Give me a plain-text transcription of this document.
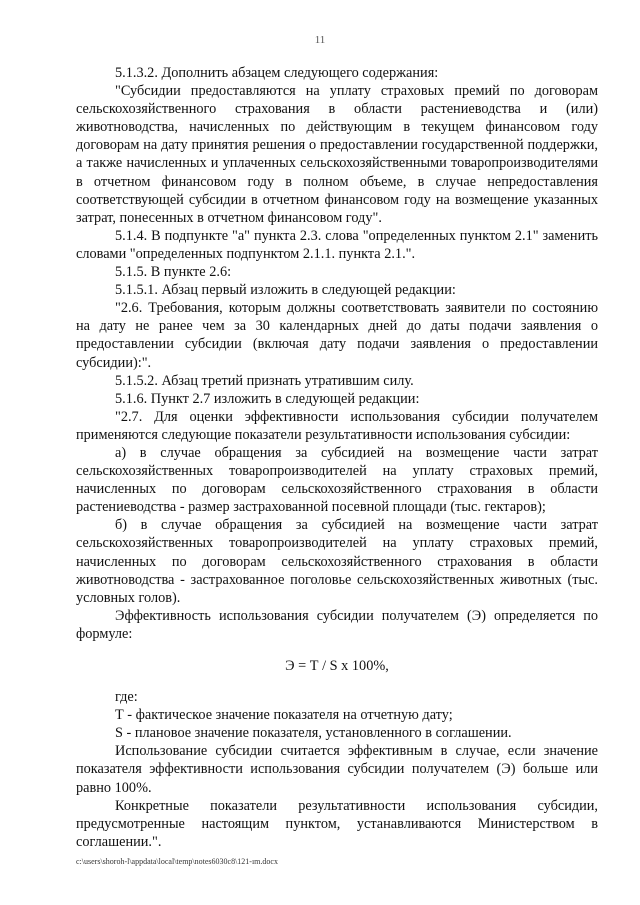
11

5.1.3.2. Дополнить абзацем следующего содержания:

"Субсидии предоставляются на уплату страховых премий по договорам сельскохозяйственного страхования в области растениеводства и (или) животноводства, начисленных по действующим в текущем финансовом году договорам на дату принятия решения о предоставлении государственной поддержки, а также начисленных и уплаченных сельскохозяйственными товаропроизводителями в отчетном финансовом году в полном объеме, в случае непредоставления соответствующей субсидии в отчетном финансовом году на возмещение указанных затрат, понесенных в отчетном финансовом году".

5.1.4. В подпункте "а" пункта 2.3. слова "определенных пунктом 2.1" заменить словами "определенных подпунктом 2.1.1. пункта 2.1.".

5.1.5. В пункте 2.6:

5.1.5.1. Абзац первый изложить в следующей редакции:

"2.6. Требования, которым должны соответствовать заявители по состоянию на дату не ранее чем за 30 календарных дней до даты подачи заявления о предоставлении субсидии (включая дату подачи заявления о предоставлении субсидии):".

5.1.5.2. Абзац третий признать утратившим силу.

5.1.6. Пункт 2.7 изложить в следующей редакции:

"2.7. Для оценки эффективности использования субсидии получателем применяются следующие показатели результативности использования субсидии:

а) в случае обращения за субсидией на возмещение части затрат сельскохозяйственных товаропроизводителей на уплату страховых премий, начисленных по договорам сельскохозяйственного страхования в области растениеводства - размер застрахованной посевной площади (тыс. гектаров);

б) в случае обращения за субсидией на возмещение части затрат сельскохозяйственных товаропроизводителей на уплату страховых премий, начисленных по договорам сельскохозяйственного страхования в области животноводства - застрахованное поголовье сельскохозяйственных животных (тыс. условных голов).

Эффективность использования субсидии получателем (Э) определяется по формуле:

Э = Т / S x 100%,

где:

Т - фактическое значение показателя на отчетную дату;

S - плановое значение показателя, установленного в соглашении.

Использование субсидии считается эффективным в случае, если значение показателя эффективности использования субсидии получателем (Э) больше или равно 100%.

Конкретные показатели результативности использования субсидии, предусмотренные настоящим пунктом, устанавливаются Министерством в соглашении.".

c:\users\shoroh-l\appdata\local\temp\notes6030c8\121-ım.docx
